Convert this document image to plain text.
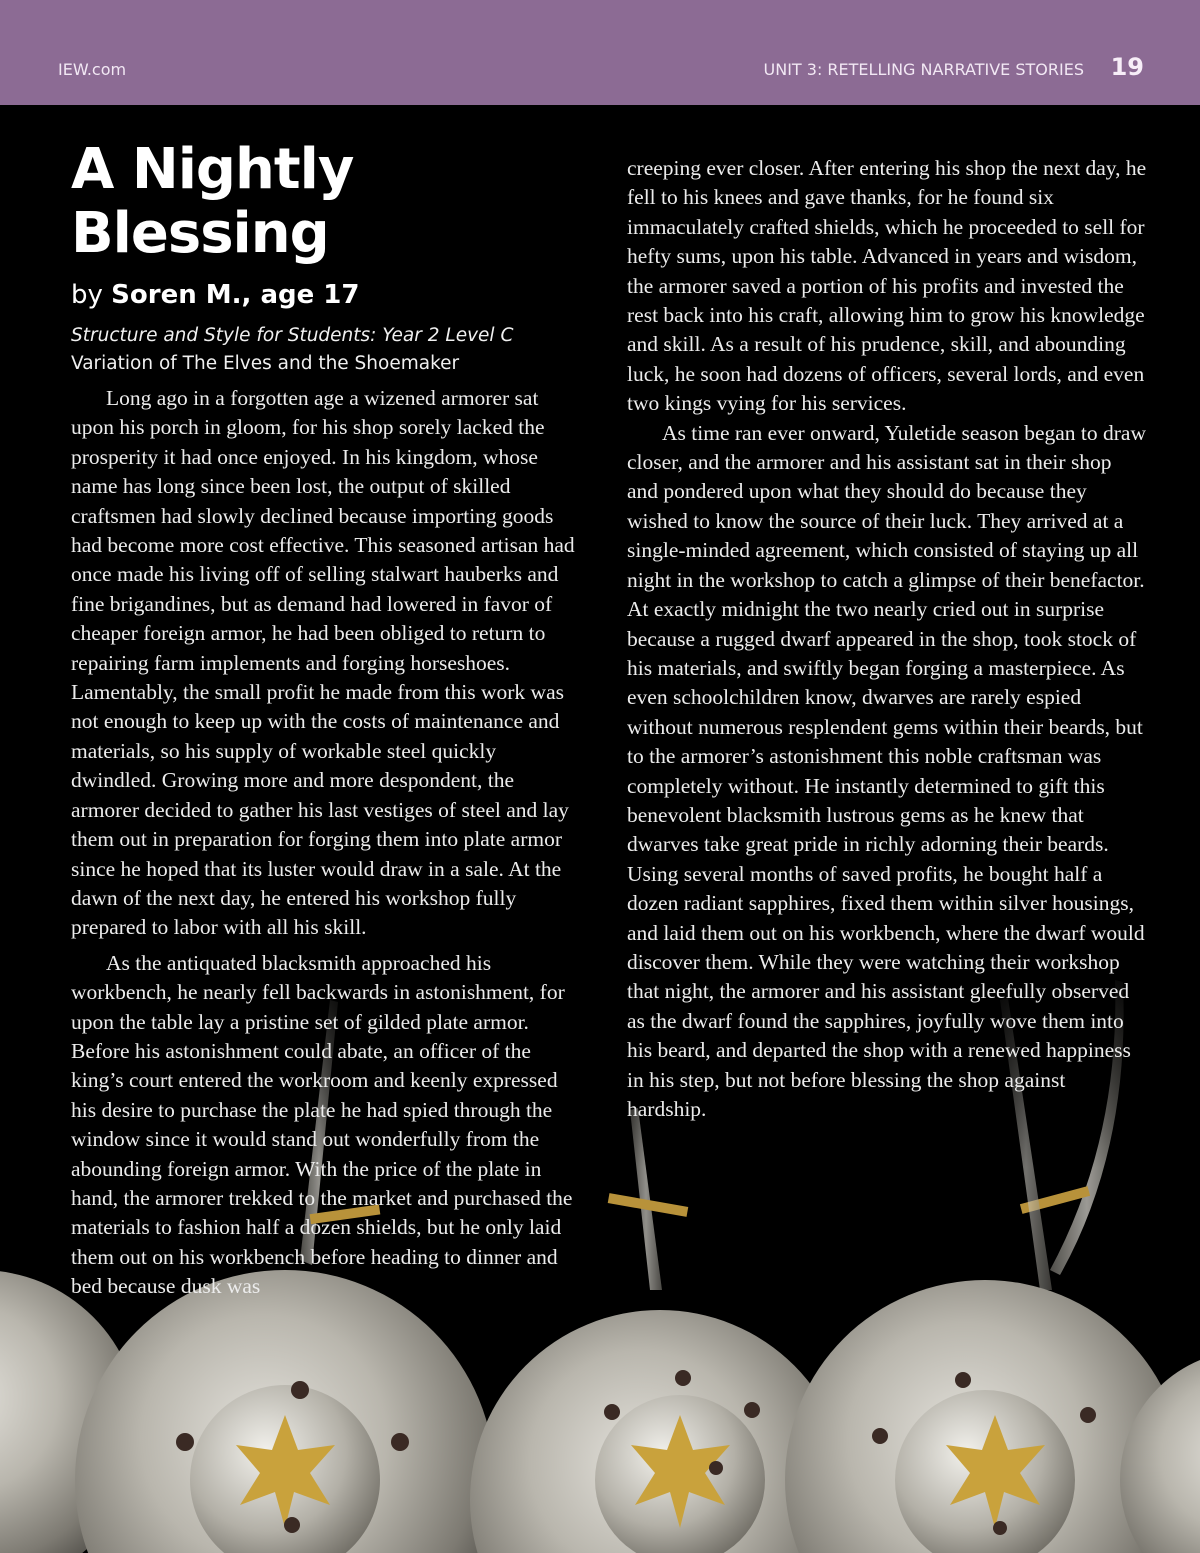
IEW.com	UNIT 3: RETELLING NARRATIVE STORIES 19
A Nightly Blessing
by Soren M., age 17
Structure and Style for Students: Year 2 Level C
Variation of The Elves and the Shoemaker

Long ago in a forgotten age a wizened armorer sat upon his porch in gloom, for his shop sorely lacked the prosperity it had once enjoyed. In his kingdom, whose name has long since been lost, the output of skilled craftsmen had slowly declined because importing goods had become more cost effective. This seasoned artisan had once made his living off of selling stalwart hauberks and fine brigandines, but as demand had lowered in favor of cheaper foreign armor, he had been obliged to return to repairing farm implements and forging horseshoes. Lamentably, the small profit he made from this work was not enough to keep up with the costs of maintenance and materials, so his supply of workable steel quickly dwindled. Growing more and more despondent, the armorer decided to gather his last vestiges of steel and lay them out in preparation for forging them into plate armor since he hoped that its luster would draw in a sale. At the dawn of the next day, he entered his workshop fully prepared to labor with all his skill.

As the antiquated blacksmith approached his workbench, he nearly fell backwards in astonishment, for upon the table lay a pristine set of gilded plate armor. Before his astonishment could abate, an officer of the king’s court entered the workroom and keenly expressed his desire to purchase the plate he had spied through the window since it would stand out wonderfully from the abounding foreign armor. With the price of the plate in hand, the armorer trekked to the market and purchased the materials to fashion half a dozen shields, but he only laid them out on his workbench before heading to dinner and bed because dusk was

creeping ever closer. After entering his shop the next day, he fell to his knees and gave thanks, for he found six immaculately crafted shields, which he proceeded to sell for hefty sums, upon his table. Advanced in years and wisdom, the armorer saved a portion of his profits and invested the rest back into his craft, allowing him to grow his knowledge and skill. As a result of his prudence, skill, and abounding luck, he soon had dozens of officers, several lords, and even two kings vying for his services.

As time ran ever onward, Yuletide season began to draw closer, and the armorer and his assistant sat in their shop and pondered upon what they should do because they wished to know the source of their luck. They arrived at a single-minded agreement, which consisted of staying up all night in the workshop to catch a glimpse of their benefactor. At exactly midnight the two nearly cried out in surprise because a rugged dwarf appeared in the shop, took stock of his materials, and swiftly began forging a masterpiece. As even schoolchildren know, dwarves are rarely espied without numerous resplendent gems within their beards, but to the armorer’s astonishment this noble craftsman was completely without. He instantly determined to gift this benevolent blacksmith lustrous gems as he knew that dwarves take great pride in richly adorning their beards. Using several months of saved profits, he bought half a dozen radiant sapphires, fixed them within silver housings, and laid them out on his workbench, where the dwarf would discover them. While they were watching their workshop that night, the armorer and his assistant gleefully observed as the dwarf found the sapphires, joyfully wove them into his beard, and departed the shop with a renewed happiness in his step, but not before blessing the shop against hardship.
